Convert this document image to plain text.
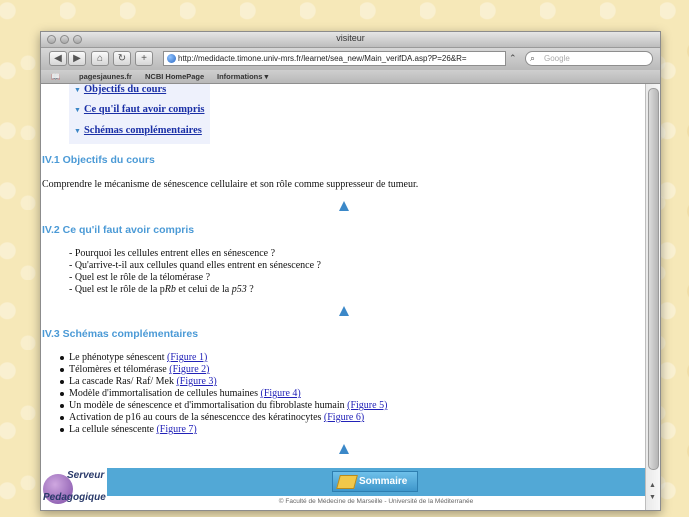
visiteur
◀	▶	⌂	↻	+	http://medidacte.timone.univ-mrs.fr/learnet/sea_new/Main_verifDA.asp?P=26&R=	⌃	⌕ Google
📖 pagesjaunes.fr NCBI HomePage Informations ▾
▼ Objectifs du cours
▼ Ce qu'il faut avoir compris
▼ Schémas complémentaires
IV.1 Objectifs du cours
Comprendre le mécanisme de sénescence cellulaire et son rôle comme suppresseur de tumeur.
IV.2 Ce qu'il faut avoir compris
- Pourquoi les cellules entrent elles en sénescence ?
- Qu'arrive-t-il aux cellules quand elles entrent en sénescence ?
- Quel est le rôle de la télomérase ?
- Quel est le rôle de la pRb et celui de la p53 ?
IV.3 Schémas complémentaires
Le phénotype sénescent (Figure 1)
Télomères et télomérase (Figure 2)
La cascade Ras/ Raf/ Mek (Figure 3)
Modèle d'immortalisation de cellules humaines (Figure 4)
Un modèle de sénescence et d'immortalisation du fibroblaste humain (Figure 5)
Activation de p16 au cours de la sénescencce des kératinocytes (Figure 6)
La cellule sénescente (Figure 7)
Serveur
Pedagogique
Sommaire
© Faculté de Médecine de Marseille - Université de la Méditerranée
▲
▼
